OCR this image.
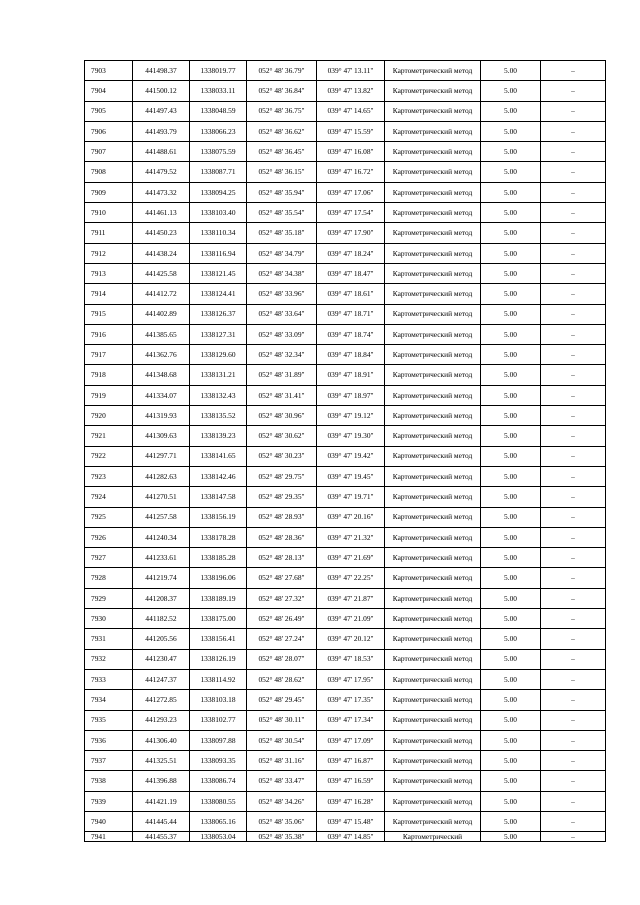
7903	441498.37	1338019.77	052° 48' 36.79"	039° 47' 13.11"	Картометрический метод	5.00	–
7904	441500.12	1338033.11	052° 48' 36.84"	039° 47' 13.82"	Картометрический метод	5.00	–
7905	441497.43	1338048.59	052° 48' 36.75"	039° 47' 14.65"	Картометрический метод	5.00	–
7906	441493.79	1338066.23	052° 48' 36.62"	039° 47' 15.59"	Картометрический метод	5.00	–
7907	441488.61	1338075.59	052° 48' 36.45"	039° 47' 16.08"	Картометрический метод	5.00	–
7908	441479.52	1338087.71	052° 48' 36.15"	039° 47' 16.72"	Картометрический метод	5.00	–
7909	441473.32	1338094.25	052° 48' 35.94"	039° 47' 17.06"	Картометрический метод	5.00	–
7910	441461.13	1338103.40	052° 48' 35.54"	039° 47' 17.54"	Картометрический метод	5.00	–
7911	441450.23	1338110.34	052° 48' 35.18"	039° 47' 17.90"	Картометрический метод	5.00	–
7912	441438.24	1338116.94	052° 48' 34.79"	039° 47' 18.24"	Картометрический метод	5.00	–
7913	441425.58	1338121.45	052° 48' 34.38"	039° 47' 18.47"	Картометрический метод	5.00	–
7914	441412.72	1338124.41	052° 48' 33.96"	039° 47' 18.61"	Картометрический метод	5.00	–
7915	441402.89	1338126.37	052° 48' 33.64"	039° 47' 18.71"	Картометрический метод	5.00	–
7916	441385.65	1338127.31	052° 48' 33.09"	039° 47' 18.74"	Картометрический метод	5.00	–
7917	441362.76	1338129.60	052° 48' 32.34"	039° 47' 18.84"	Картометрический метод	5.00	–
7918	441348.68	1338131.21	052° 48' 31.89"	039° 47' 18.91"	Картометрический метод	5.00	–
7919	441334.07	1338132.43	052° 48' 31.41"	039° 47' 18.97"	Картометрический метод	5.00	–
7920	441319.93	1338135.52	052° 48' 30.96"	039° 47' 19.12"	Картометрический метод	5.00	–
7921	441309.63	1338139.23	052° 48' 30.62"	039° 47' 19.30"	Картометрический метод	5.00	–
7922	441297.71	1338141.65	052° 48' 30.23"	039° 47' 19.42"	Картометрический метод	5.00	–
7923	441282.63	1338142.46	052° 48' 29.75"	039° 47' 19.45"	Картометрический метод	5.00	–
7924	441270.51	1338147.58	052° 48' 29.35"	039° 47' 19.71"	Картометрический метод	5.00	–
7925	441257.58	1338156.19	052° 48' 28.93"	039° 47' 20.16"	Картометрический метод	5.00	–
7926	441240.34	1338178.28	052° 48' 28.36"	039° 47' 21.32"	Картометрический метод	5.00	–
7927	441233.61	1338185.28	052° 48' 28.13"	039° 47' 21.69"	Картометрический метод	5.00	–
7928	441219.74	1338196.06	052° 48' 27.68"	039° 47' 22.25"	Картометрический метод	5.00	–
7929	441208.37	1338189.19	052° 48' 27.32"	039° 47' 21.87"	Картометрический метод	5.00	–
7930	441182.52	1338175.00	052° 48' 26.49"	039° 47' 21.09"	Картометрический метод	5.00	–
7931	441205.56	1338156.41	052° 48' 27.24"	039° 47' 20.12"	Картометрический метод	5.00	–
7932	441230.47	1338126.19	052° 48' 28.07"	039° 47' 18.53"	Картометрический метод	5.00	–
7933	441247.37	1338114.92	052° 48' 28.62"	039° 47' 17.95"	Картометрический метод	5.00	–
7934	441272.85	1338103.18	052° 48' 29.45"	039° 47' 17.35"	Картометрический метод	5.00	–
7935	441293.23	1338102.77	052° 48' 30.11"	039° 47' 17.34"	Картометрический метод	5.00	–
7936	441306.40	1338097.88	052° 48' 30.54"	039° 47' 17.09"	Картометрический метод	5.00	–
7937	441325.51	1338093.35	052° 48' 31.16"	039° 47' 16.87"	Картометрический метод	5.00	–
7938	441396.88	1338086.74	052° 48' 33.47"	039° 47' 16.59"	Картометрический метод	5.00	–
7939	441421.19	1338080.55	052° 48' 34.26"	039° 47' 16.28"	Картометрический метод	5.00	–
7940	441445.44	1338065.16	052° 48' 35.06"	039° 47' 15.48"	Картометрический метод	5.00	–
7941	441455.37	1338053.04	052° 48' 35.38"	039° 47' 14.85"	Картометрический	5.00	–
